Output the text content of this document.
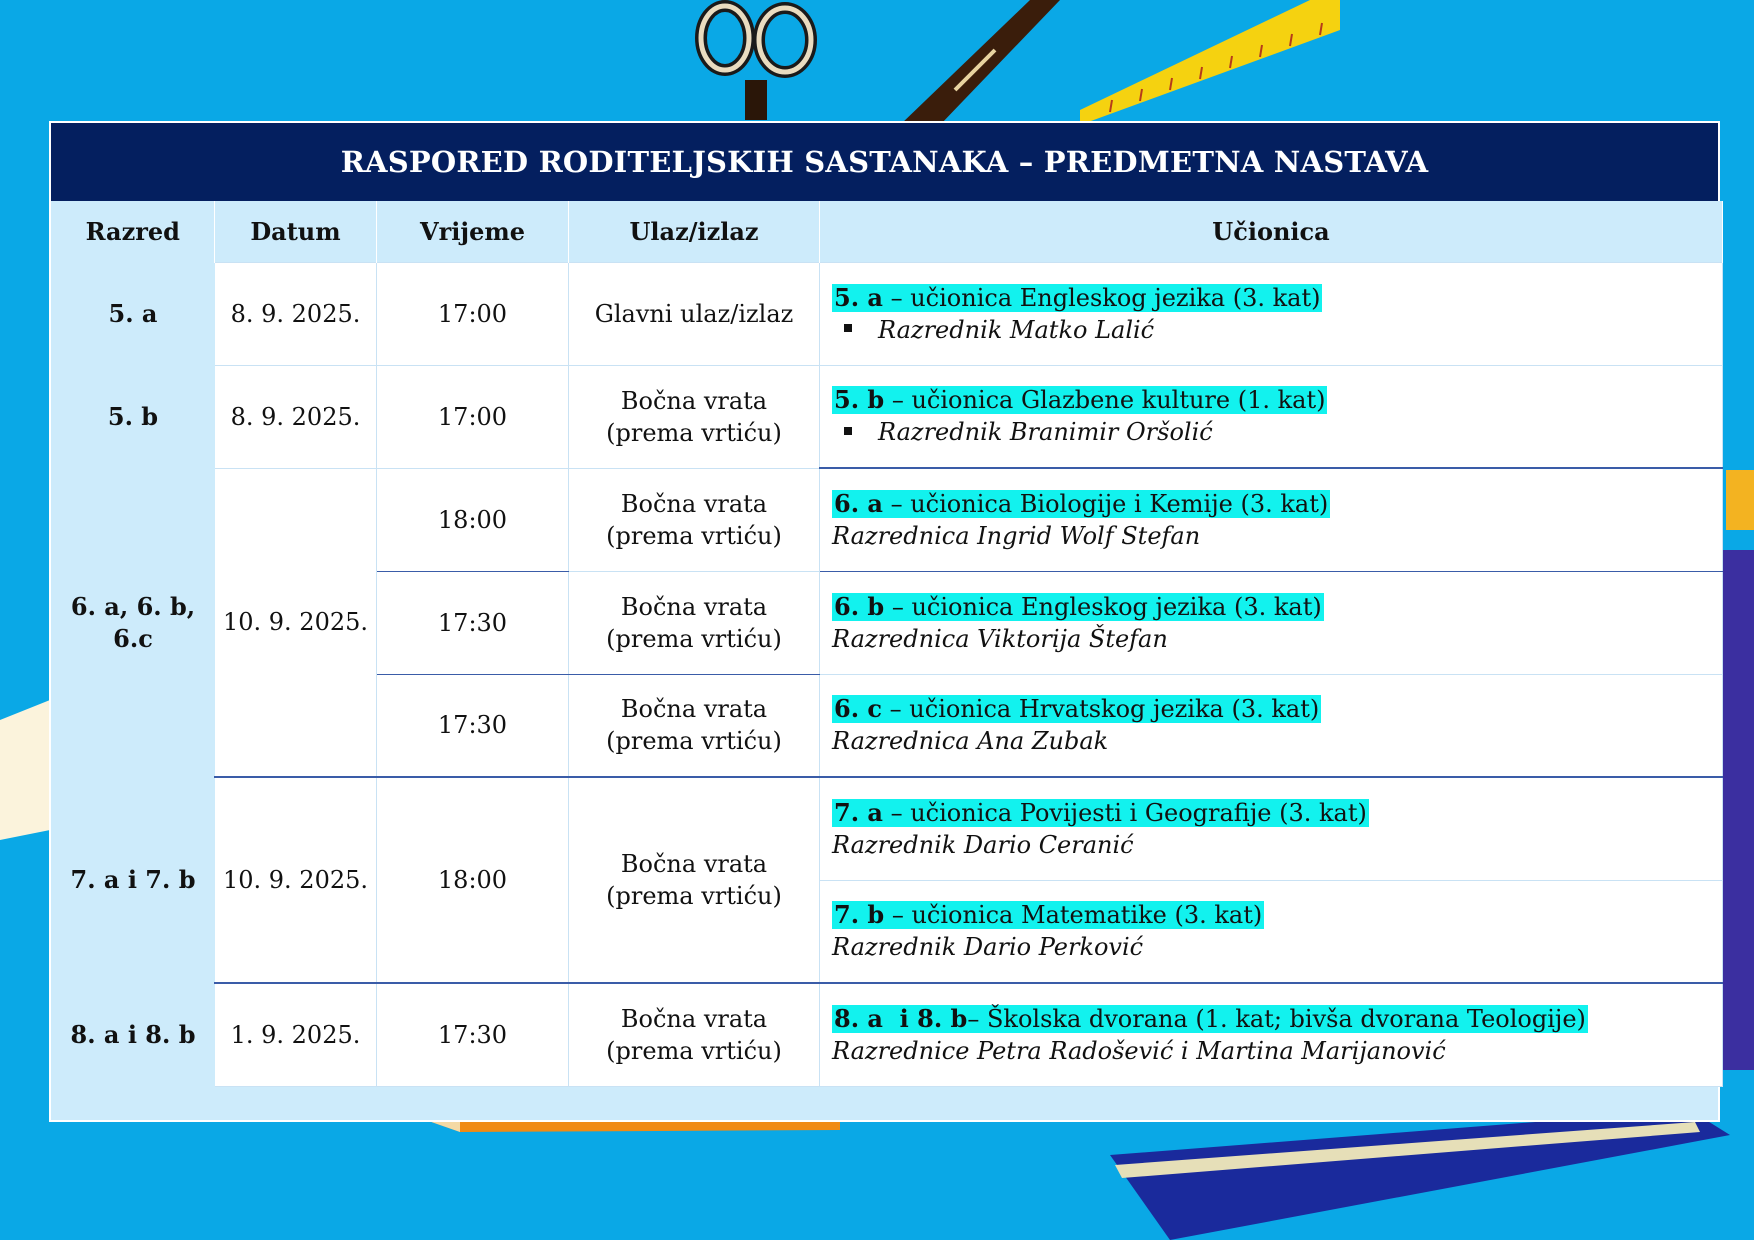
RASPORED RODITELJSKIH SASTANAKA – PREDMETNA NASTAVA
Razred	Datum	Vrijeme	Ulaz/izlaz	Učionica
5. a	8. 9. 2025.	17:00	Glavni ulaz/izlaz	5. a – učionica Engleskog jezika (3. kat)
Razrednik Matko Lalić

5. b	8. 9. 2025.	17:00	Bočna vrata
(prema vrtiću)	5. b – učionica Glazbene kulture (1. kat)
Razrednik Branimir Oršolić

6. a, 6. b,
6.c	10. 9. 2025.	18:00	Bočna vrata
(prema vrtiću)	6. a – učionica Biologije i Kemije (3. kat)
Razrednica Ingrid Wolf Stefan

		17:30	Bočna vrata
(prema vrtiću)	6. b – učionica Engleskog jezika (3. kat)
Razrednica Viktorija Štefan

		17:30	Bočna vrata
(prema vrtiću)	6. c – učionica Hrvatskog jezika (3. kat)
Razrednica Ana Zubak

7. a i 7. b	10. 9. 2025.	18:00	Bočna vrata
(prema vrtiću)	7. a – učionica Povijesti i Geografije (3. kat)
Razrednik Dario Ceranić

				7. b – učionica Matematike (3. kat)
Razrednik Dario Perković

8. a i 8. b	1. 9. 2025.	17:30	Bočna vrata
(prema vrtiću)	8. a  i 8. b– Školska dvorana (1. kat; bivša dvorana Teologije)
Razrednice Petra Radošević i Martina Marijanović
